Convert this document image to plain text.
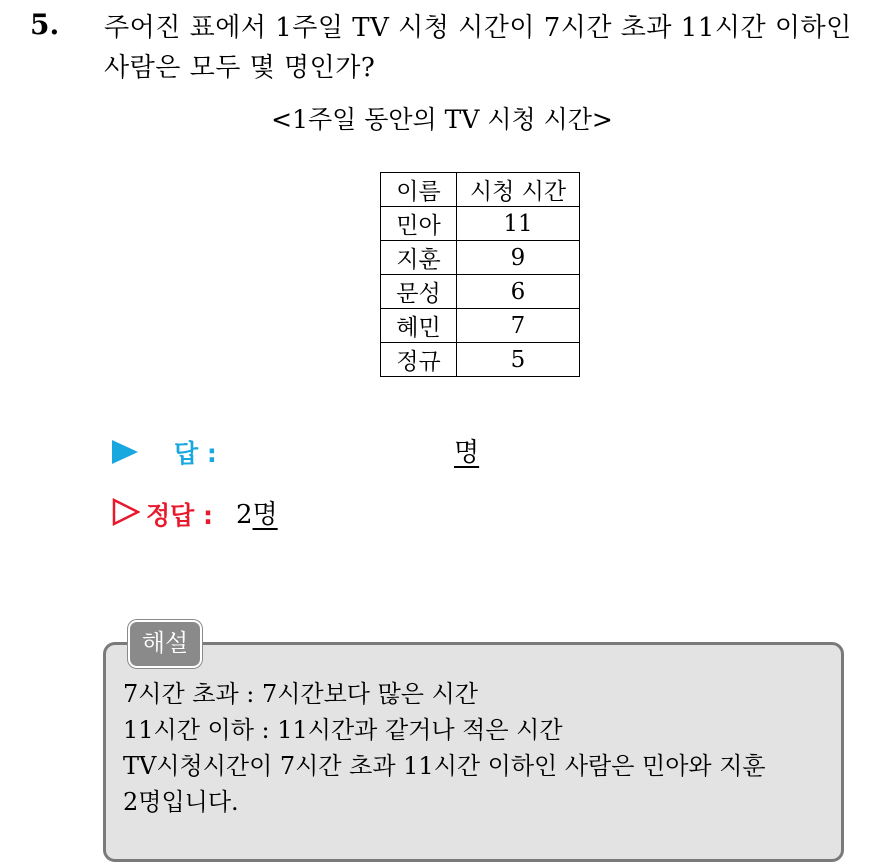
5. 주어진 표에서 1주일 TV 시청 시간이 7시간 초과 11시간 이하인 사람은 모두 몇 명인가?
<1주일 동안의 TV 시청 시간>
이름	시청 시간
민아	11
지훈	9
문성	6
혜민	7
정규	5
답 :	명
정답 : 2명
해설
7시간 초과 : 7시간보다 많은 시간
11시간 이하 : 11시간과 같거나 적은 시간
TV시청시간이 7시간 초과 11시간 이하인 사람은 민아와 지훈
2명입니다.
